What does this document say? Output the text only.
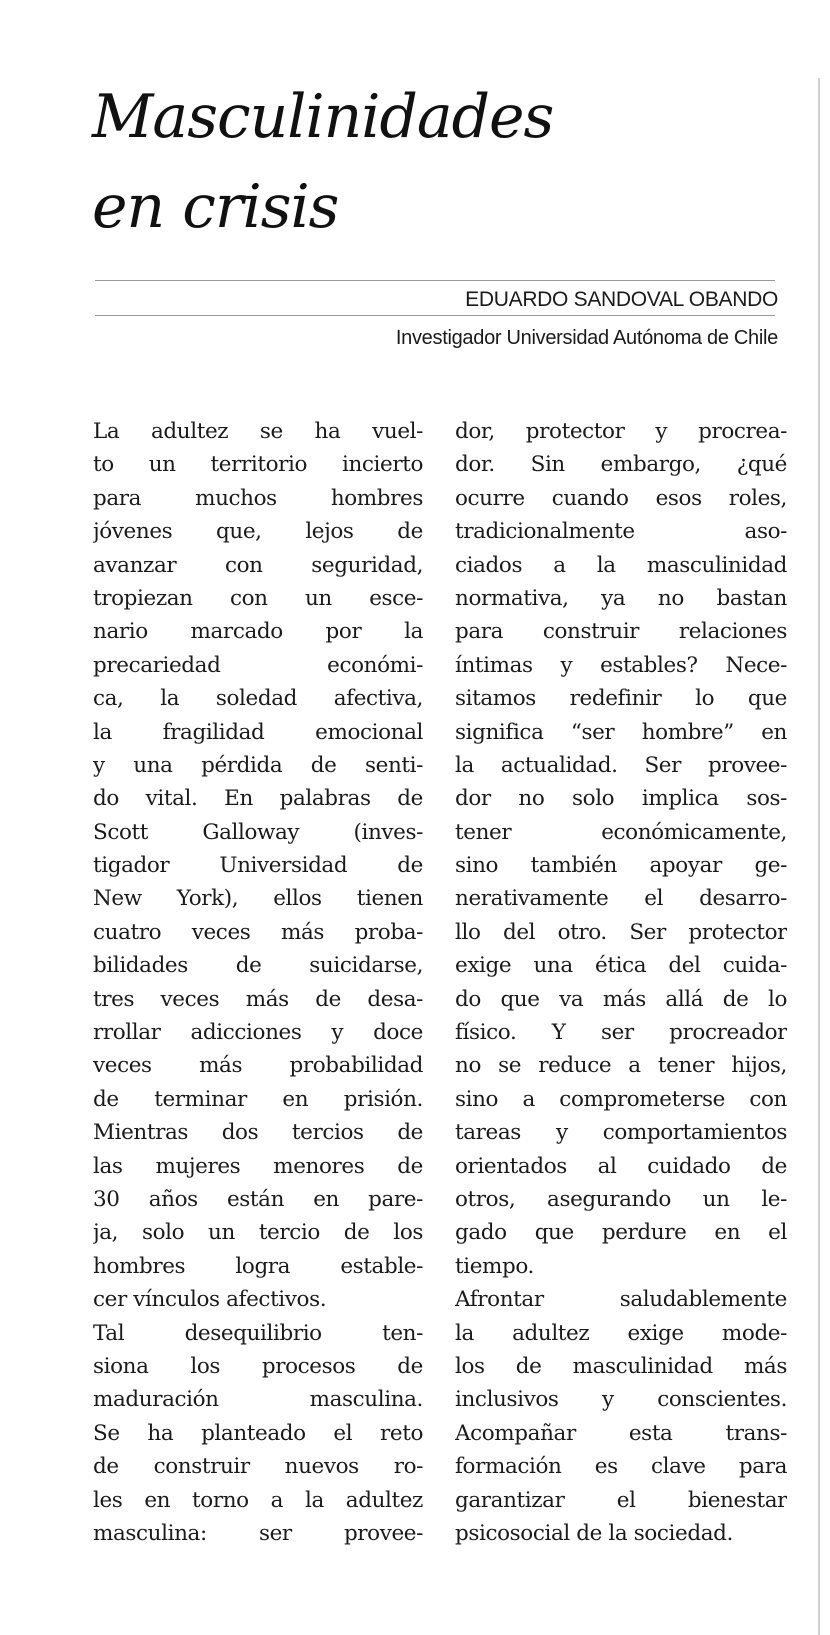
Masculinidades
en crisis
EDUARDO SANDOVAL OBANDO
Investigador Universidad Autónoma de Chile
La adultez se ha vuel-
to un territorio incierto
para muchos hombres
jóvenes que, lejos de
avanzar con seguridad,
tropiezan con un esce-
nario marcado por la
precariedad económi-
ca, la soledad afectiva,
la fragilidad emocional
y una pérdida de senti-
do vital. En palabras de
Scott Galloway (inves-
tigador Universidad de
New York), ellos tienen
cuatro veces más proba-
bilidades de suicidarse,
tres veces más de desa-
rrollar adicciones y doce
veces más probabilidad
de terminar en prisión.
Mientras dos tercios de
las mujeres menores de
30 años están en pare-
ja, solo un tercio de los
hombres logra estable-
cer vínculos afectivos.
Tal desequilibrio ten-
siona los procesos de
maduración masculina.
Se ha planteado el reto
de construir nuevos ro-
les en torno a la adultez
masculina: ser provee-
dor, protector y procrea-
dor. Sin embargo, ¿qué
ocurre cuando esos roles,
tradicionalmente aso-
ciados a la masculinidad
normativa, ya no bastan
para construir relaciones
íntimas y estables? Nece-
sitamos redefinir lo que
significa “ser hombre” en
la actualidad. Ser provee-
dor no solo implica sos-
tener económicamente,
sino también apoyar ge-
nerativamente el desarro-
llo del otro. Ser protector
exige una ética del cuida-
do que va más allá de lo
físico. Y ser procreador
no se reduce a tener hijos,
sino a comprometerse con
tareas y comportamientos
orientados al cuidado de
otros, asegurando un le-
gado que perdure en el
tiempo.
Afrontar saludablemente
la adultez exige mode-
los de masculinidad más
inclusivos y conscientes.
Acompañar esta trans-
formación es clave para
garantizar el bienestar
psicosocial de la sociedad.
